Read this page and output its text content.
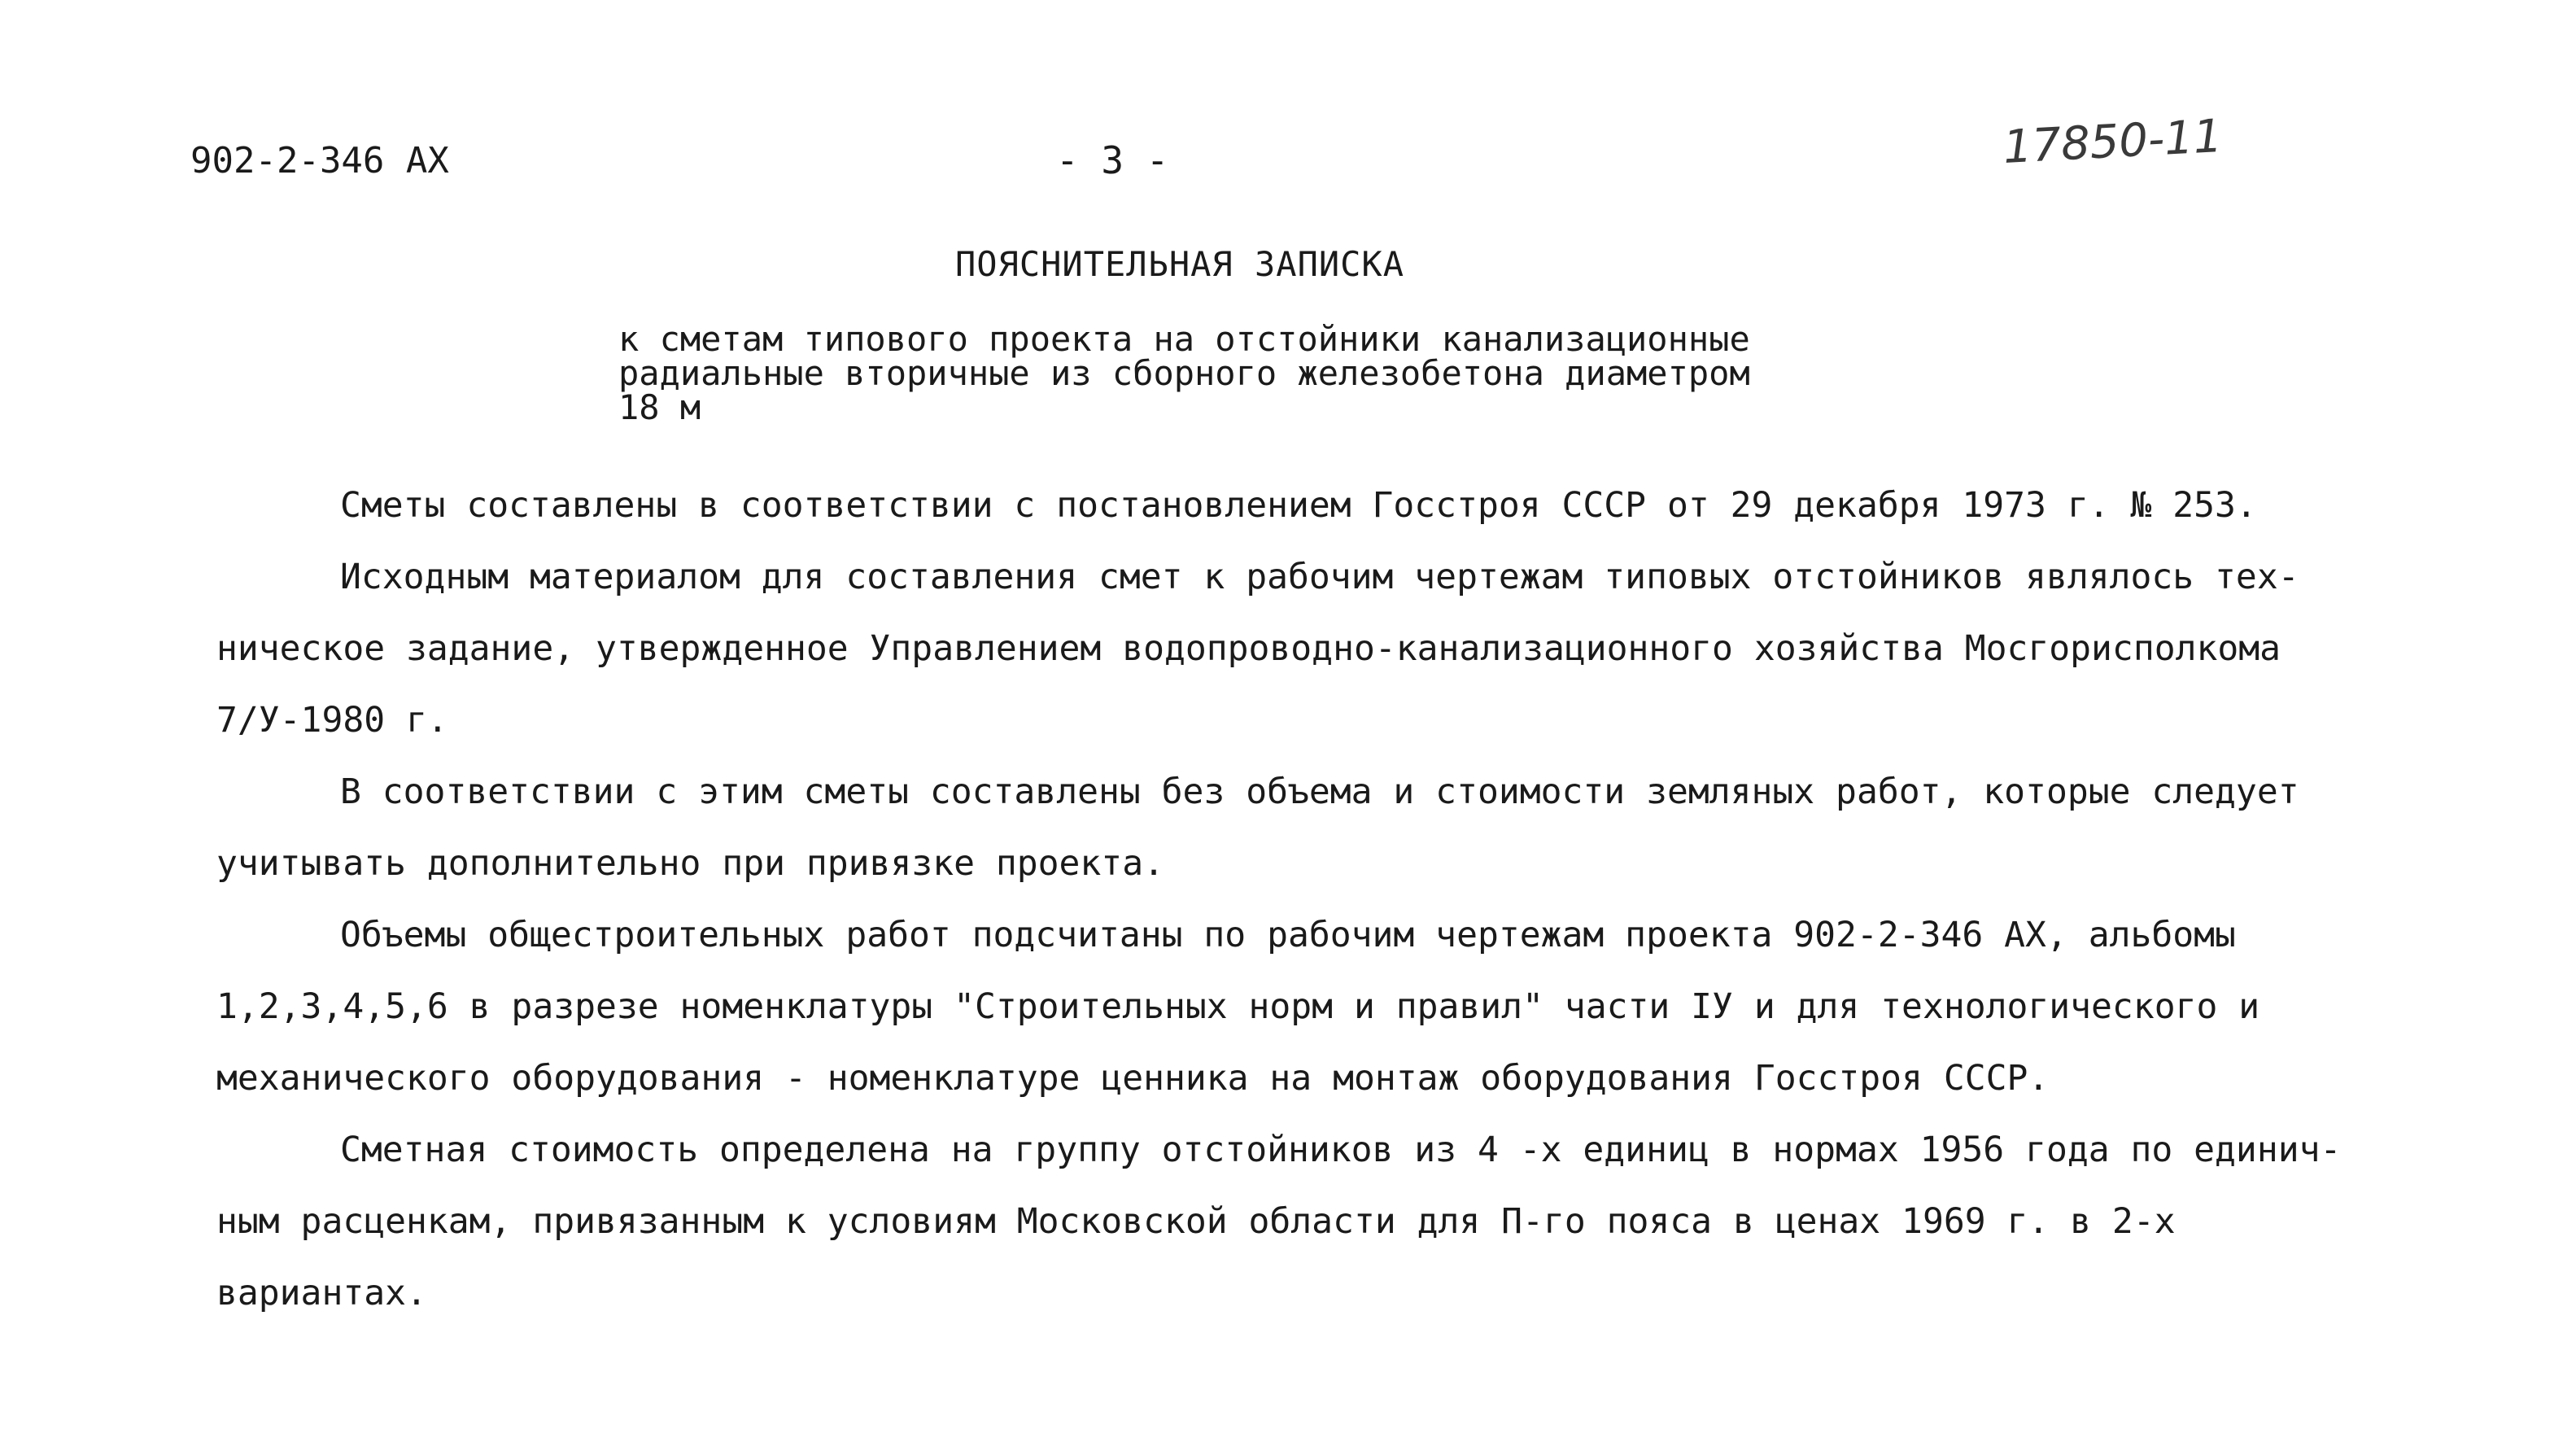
902-2-346 АХ	- 3 -	17850-11
ПОЯСНИТЕЛЬНАЯ ЗАПИСКА
к сметам типового проекта на отстойники канализационные
радиальные вторичные из сборного железобетона диаметром
18 м
Сметы составлены в соответствии с постановлением Госстроя СССР от 29 декабря 1973 г. № 253.
Исходным материалом для составления смет к рабочим чертежам типовых отстойников являлось тех-
ническое задание, утвержденное Управлением водопроводно-канализационного хозяйства Мосгорисполкома
7/У-1980 г.
В соответствии с этим сметы составлены без объема и стоимости земляных работ, которые следует
учитывать дополнительно при привязке проекта.
Объемы общестроительных работ подсчитаны по рабочим чертежам проекта 902-2-346 АХ, альбомы
1,2,3,4,5,6 в разрезе номенклатуры "Строительных норм и правил" части IУ и для технологического и
механического оборудования - номенклатуре ценника на монтаж оборудования Госстроя СССР.
Сметная стоимость определена на группу отстойников из 4 -х единиц в нормах 1956 года по единич-
ным расценкам, привязанным к условиям Московской области для П-го пояса в ценах 1969 г. в 2-х
вариантах.
